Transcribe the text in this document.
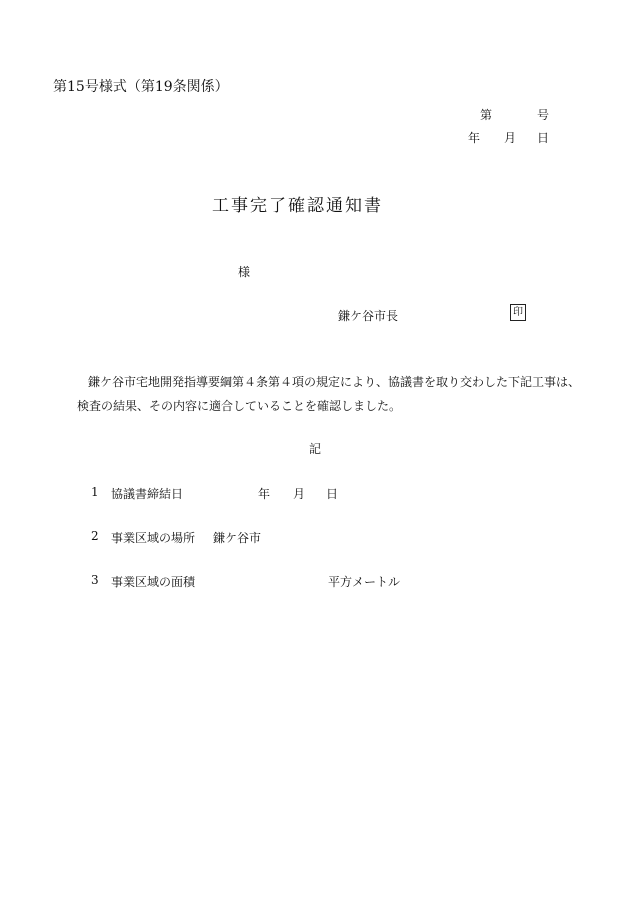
第15号様式（第19条関係）
第	号
年 月 日
工事完了確認通知書
様
鎌ケ谷市長	印
鎌ケ谷市宅地開発指導要綱第４条第４項の規定により、協議書を取り交わした下記工事は、
検査の結果、その内容に適合していることを確認しました。
記
1 協議書締結日	年 月 日
2 事業区域の場所 鎌ケ谷市
3 事業区域の面積	平方メートル
